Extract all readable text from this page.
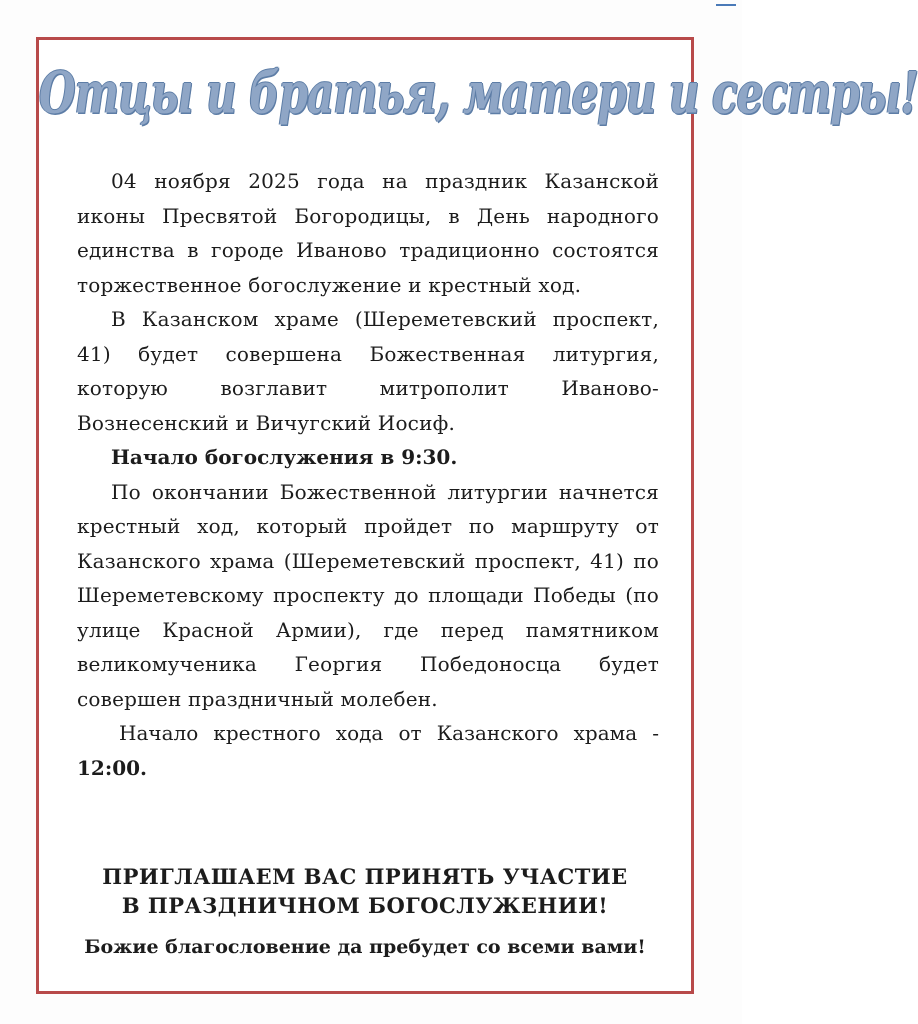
Отцы и братья, матери и сестры!

04 ноября 2025 года на праздник Казанской иконы Пресвятой Богородицы, в День народного единства в городе Иваново традиционно состоятся торжественное богослужение и крестный ход.

В Казанском храме (Шереметевский проспект, 41) будет совершена Божественная литургия, которую возглавит митрополит Иваново-Вознесенский и Вичугский Иосиф.

Начало богослужения в 9:30.

По окончании Божественной литургии начнется крестный ход, который пройдет по маршруту от Казанского храма (Шереметевский проспект, 41) по Шереметевскому проспекту до площади Победы (по улице Красной Армии), где перед памятником великомученика Георгия Победоносца будет совершен праздничный молебен.

Начало крестного хода от Казанского храма - 12:00.

ПРИГЛАШАЕМ ВАС ПРИНЯТЬ УЧАСТИЕ
В ПРАЗДНИЧНОМ БОГОСЛУЖЕНИИ!
Божие благословение да пребудет со всеми вами!
